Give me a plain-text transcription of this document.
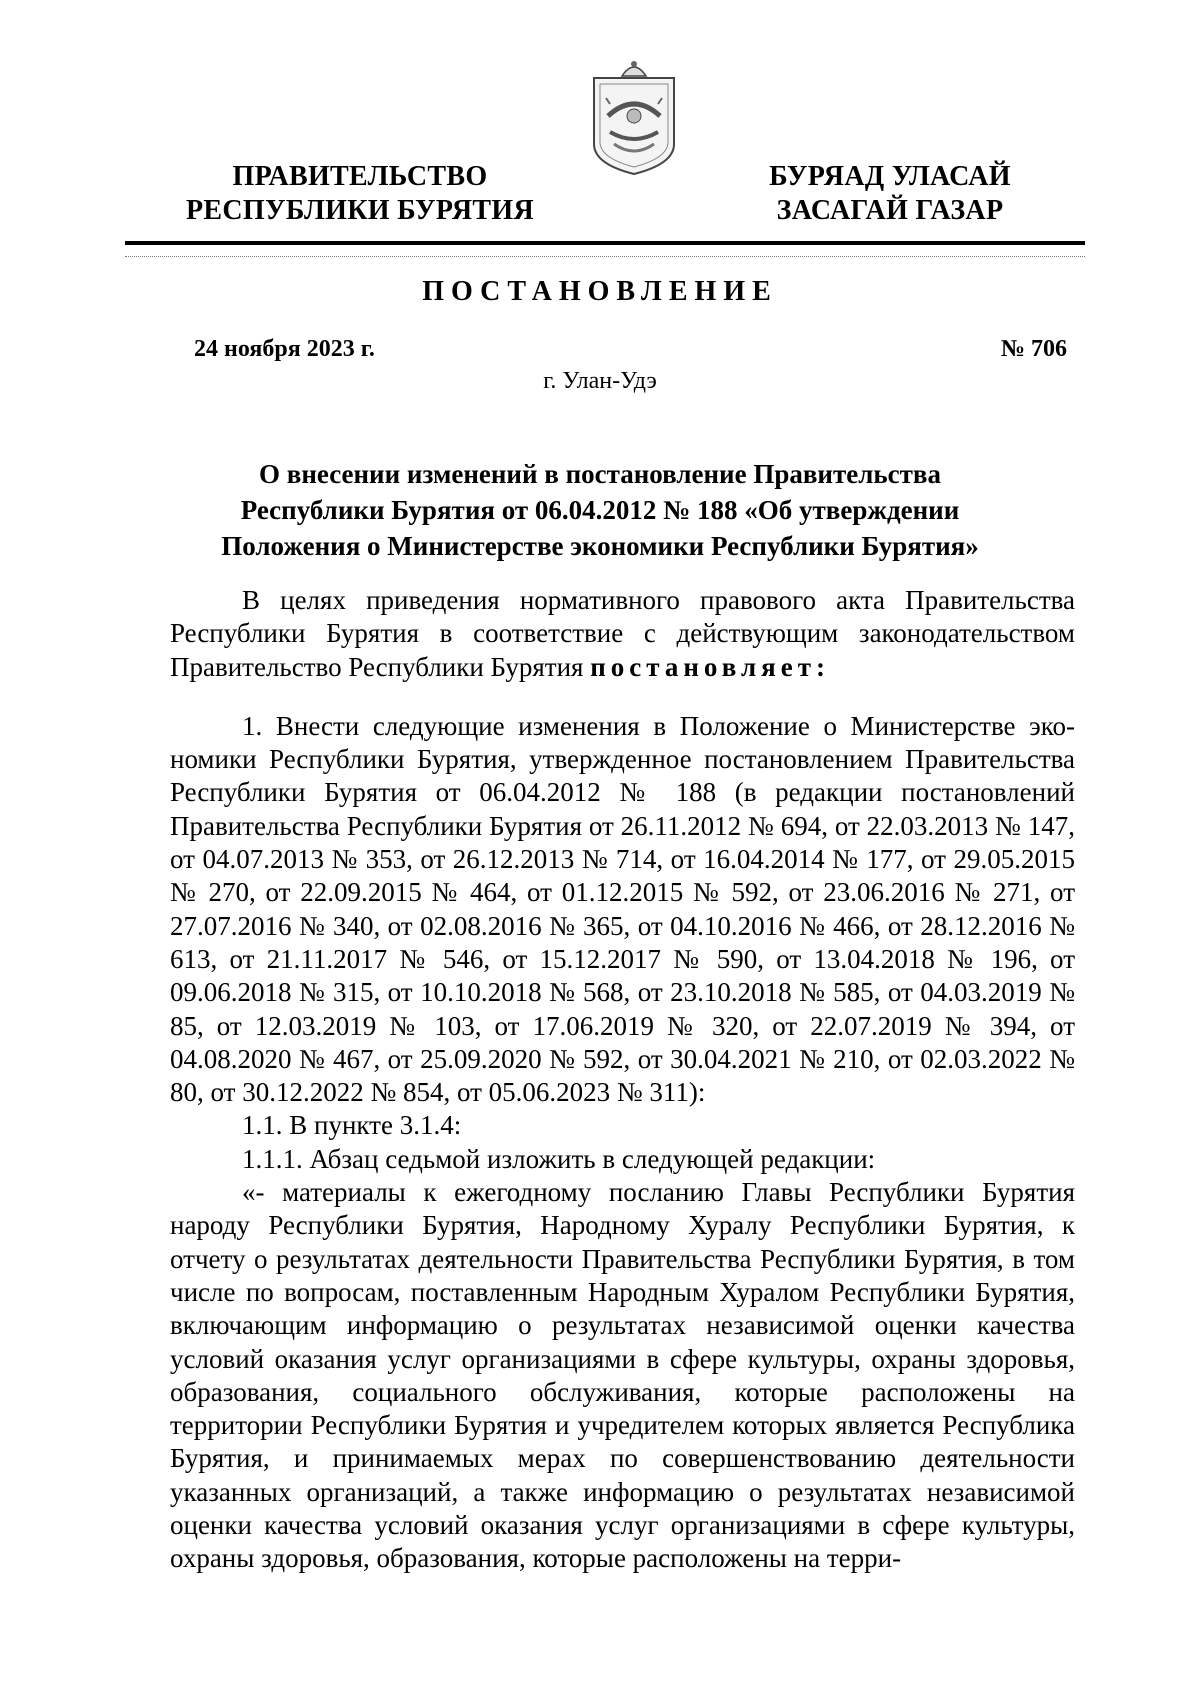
ПРАВИТЕЛЬСТВО
РЕСПУБЛИКИ БУРЯТИЯ
БУРЯАД УЛАСАЙ
ЗАСАГАЙ ГАЗАР
ПОСТАНОВЛЕНИЕ
24 ноября 2023 г.	№ 706
г. Улан-Удэ
О внесении изменений в постановление Правительства
Республики Бурятия от 06.04.2012 № 188 «Об утверждении
Положения о Министерстве экономики Республики Бурятия»

В целях приведения нормативного правового акта Правительства Республики Бурятия в соответствие с действующим законодательством Правительство Республики Бурятия постановляет:

1. Внести следующие изменения в Положение о Министерстве экономики Республики Бурятия, утвержденное постановлением Правительства Республики Бурятия от 06.04.2012 № 188 (в редакции постановлений Правительства Республики Бурятия от 26.11.2012 № 694, от 22.03.2013 № 147, от 04.07.2013 № 353, от 26.12.2013 № 714, от 16.04.2014 № 177, от 29.05.2015 № 270, от 22.09.2015 № 464, от 01.12.2015 № 592, от 23.06.2016 № 271, от 27.07.2016 № 340, от 02.08.2016 № 365, от 04.10.2016 № 466, от 28.12.2016 № 613, от 21.11.2017 № 546, от 15.12.2017 № 590, от 13.04.2018 № 196, от 09.06.2018 № 315, от 10.10.2018 № 568, от 23.10.2018 № 585, от 04.03.2019 № 85, от 12.03.2019 № 103, от 17.06.2019 № 320, от 22.07.2019 № 394, от 04.08.2020 № 467, от 25.09.2020 № 592, от 30.04.2021 № 210, от 02.03.2022 № 80, от 30.12.2022 № 854, от 05.06.2023 № 311):

1.1. В пункте 3.1.4:

1.1.1. Абзац седьмой изложить в следующей редакции:

«- материалы к ежегодному посланию Главы Республики Бурятия народу Республики Бурятия, Народному Хуралу Республики Бурятия, к отчету о результатах деятельности Правительства Республики Бурятия, в том числе по вопросам, поставленным Народным Хуралом Республики Бурятия, включающим информацию о результатах независимой оценки качества условий оказания услуг организациями в сфере культуры, охраны здоровья, образования, социального обслуживания, которые расположены на территории Республики Бурятия и учредителем которых является Республика Бурятия, и принимаемых мерах по совершенствованию деятельности указанных организаций, а также информацию о результатах независимой оценки качества условий оказания услуг организациями в сфере культуры, охраны здоровья, образования, которые расположены на терри-
